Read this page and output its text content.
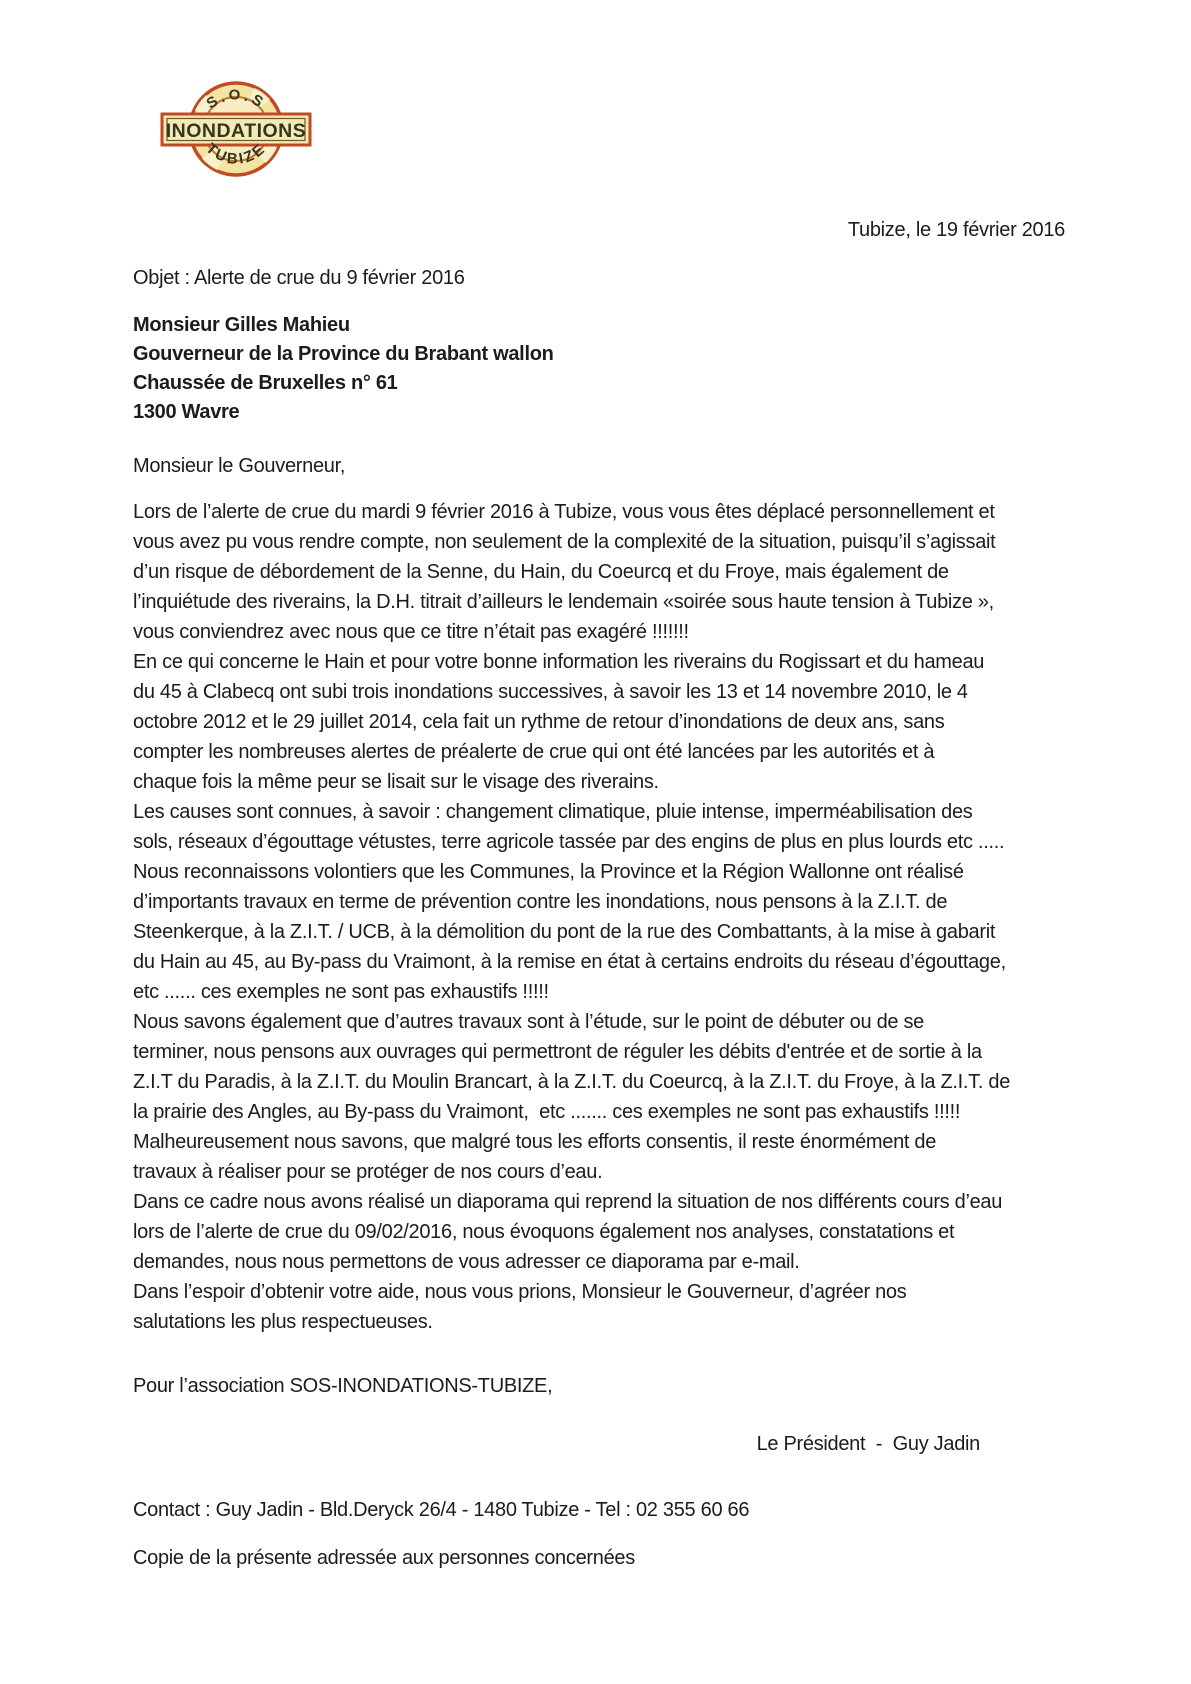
S.O.S
INONDATIONS
TUBIZE
Tubize, le 19 février 2016
Objet : Alerte de crue du 9 février 2016
Monsieur Gilles Mahieu
Gouverneur de la Province du Brabant wallon
Chaussée de Bruxelles n° 61
1300 Wavre
Monsieur le Gouverneur,
Lors de l’alerte de crue du mardi 9 février 2016 à Tubize, vous vous êtes déplacé personnellement et
vous avez pu vous rendre compte, non seulement de la complexité de la situation, puisqu’il s’agissait
d’un risque de débordement de la Senne, du Hain, du Coeurcq et du Froye, mais également de
l’inquiétude des riverains, la D.H. titrait d’ailleurs le lendemain «soirée sous haute tension à Tubize »,
vous conviendrez avec nous que ce titre n’était pas exagéré !!!!!!!
En ce qui concerne le Hain et pour votre bonne information les riverains du Rogissart et du hameau
du 45 à Clabecq ont subi trois inondations successives, à savoir les 13 et 14 novembre 2010, le 4
octobre 2012 et le 29 juillet 2014, cela fait un rythme de retour d’inondations de deux ans, sans
compter les nombreuses alertes de préalerte de crue qui ont été lancées par les autorités et à
chaque fois la même peur se lisait sur le visage des riverains.
Les causes sont connues, à savoir : changement climatique, pluie intense, imperméabilisation des
sols, réseaux d’égouttage vétustes, terre agricole tassée par des engins de plus en plus lourds etc .....
Nous reconnaissons volontiers que les Communes, la Province et la Région Wallonne ont réalisé
d’importants travaux en terme de prévention contre les inondations, nous pensons à la Z.I.T. de
Steenkerque, à la Z.I.T. / UCB, à la démolition du pont de la rue des Combattants, à la mise à gabarit
du Hain au 45, au By-pass du Vraimont, à la remise en état à certains endroits du réseau d’égouttage,
etc ...... ces exemples ne sont pas exhaustifs !!!!!
Nous savons également que d’autres travaux sont à l’étude, sur le point de débuter ou de se
terminer, nous pensons aux ouvrages qui permettront de réguler les débits d'entrée et de sortie à la
Z.I.T du Paradis, à la Z.I.T. du Moulin Brancart, à la Z.I.T. du Coeurcq, à la Z.I.T. du Froye, à la Z.I.T. de
la prairie des Angles, au By-pass du Vraimont,  etc ....... ces exemples ne sont pas exhaustifs !!!!!
Malheureusement nous savons, que malgré tous les efforts consentis, il reste énormément de
travaux à réaliser pour se protéger de nos cours d’eau.
Dans ce cadre nous avons réalisé un diaporama qui reprend la situation de nos différents cours d’eau
lors de l’alerte de crue du 09/02/2016, nous évoquons également nos analyses, constatations et
demandes, nous nous permettons de vous adresser ce diaporama par e-mail.
Dans l’espoir d’obtenir votre aide, nous vous prions, Monsieur le Gouverneur, d’agréer nos
salutations les plus respectueuses.
Pour l’association SOS-INONDATIONS-TUBIZE,
Le Président  -  Guy Jadin
Contact : Guy Jadin - Bld.Deryck 26/4 - 1480 Tubize - Tel : 02 355 60 66
Copie de la présente adressée aux personnes concernées
